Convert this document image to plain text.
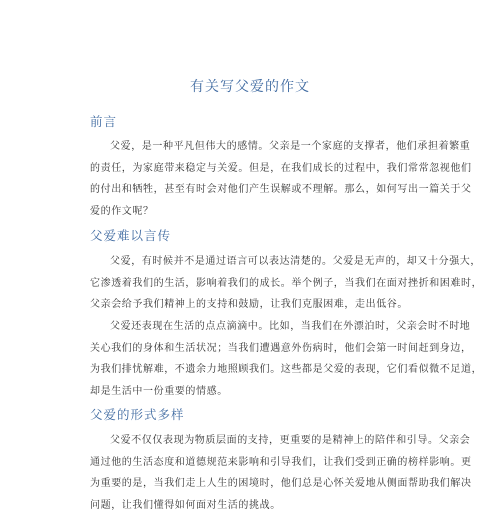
有关写父爱的作文
前言
父爱，是一种平凡但伟大的感情。父亲是一个家庭的支撑者，他们承担着繁重
的责任，为家庭带来稳定与关爱。但是，在我们成长的过程中，我们常常忽视他们
的付出和牺牲，甚至有时会对他们产生误解或不理解。那么，如何写出一篇关于父
爱的作文呢？
父爱难以言传
父爱，有时候并不是通过语言可以表达清楚的。父爱是无声的，却又十分强大，
它渗透着我们的生活，影响着我们的成长。举个例子，当我们在面对挫折和困难时，
父亲会给予我们精神上的支持和鼓励，让我们克服困难，走出低谷。
父爱还表现在生活的点点滴滴中。比如，当我们在外漂泊时，父亲会时不时地
关心我们的身体和生活状况；当我们遭遇意外伤病时，他们会第一时间赶到身边，
为我们排忧解难，不遗余力地照顾我们。这些都是父爱的表现，它们看似微不足道，
却是生活中一份重要的情感。
父爱的形式多样
父爱不仅仅表现为物质层面的支持，更重要的是精神上的陪伴和引导。父亲会
通过他的生活态度和道德规范来影响和引导我们，让我们受到正确的榜样影响。更
为重要的是，当我们走上人生的困境时，他们总是心怀关爱地从侧面帮助我们解决
问题，让我们懂得如何面对生活的挑战。
